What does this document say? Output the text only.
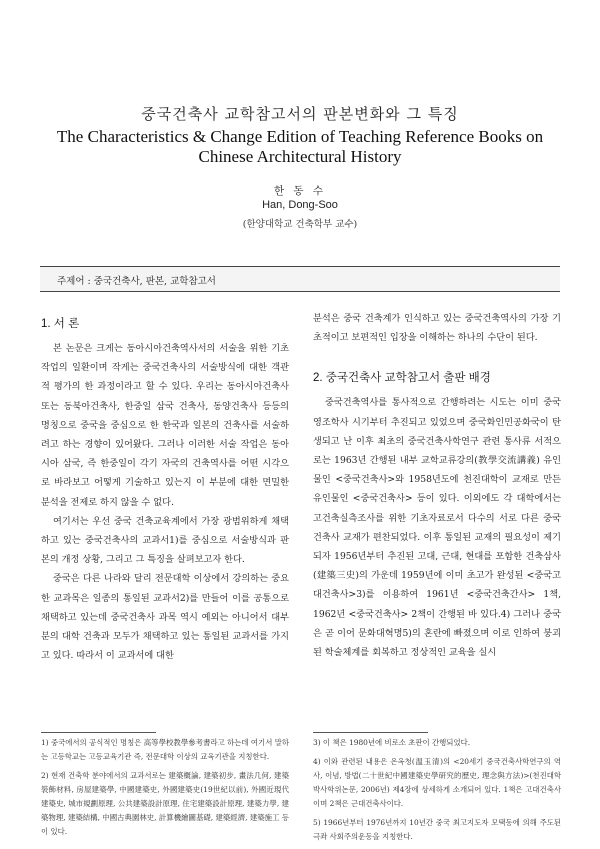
중국건축사 교학참고서의 판본변화와 그 특징
The Characteristics & Change Edition of Teaching Reference Books on Chinese Architectural History
한 동 수
Han, Dong-Soo
(한양대학교 건축학부 교수)
주제어 : 중국건축사, 판본, 교학참고서
1. 서 론

본 논문은 크게는 동아시아건축역사서의 서술을 위한 기초 작업의 일환이며 작게는 중국건축사의 서술방식에 대한 객관적 평가의 한 과정이라고 할 수 있다. 우리는 동아시아건축사 또는 동북아건축사, 한중일 삼국 건축사, 동양건축사 등등의 명칭으로 중국을 중심으로 한 한국과 일본의 건축사를 서술하려고 하는 경향이 있어왔다. 그러나 이러한 서술 작업은 동아시아 삼국, 즉 한중일이 각기 자국의 건축역사를 어떤 시각으로 바라보고 어떻게 기술하고 있는지 이 부분에 대한 면밀한 분석을 전제로 하지 않을 수 없다.

여기서는 우선 중국 건축교육계에서 가장 광범위하게 채택하고 있는 중국건축사의 교과서1)를 중심으로 서술방식과 판본의 개정 상황, 그리고 그 특징을 살펴보고자 한다.

중국은 다른 나라와 달리 전문대학 이상에서 강의하는 중요한 교과목은 일종의 통일된 교과서2)를 만들어 이를 공통으로 채택하고 있는데 중국건축사 과목 역시 예외는 아니어서 대부분의 대학 건축과 모두가 채택하고 있는 통일된 교과서를 가지고 있다. 따라서 이 교과서에 대한

분석은 중국 건축계가 인식하고 있는 중국건축역사의 가장 기초적이고 보편적인 입장을 이해하는 하나의 수단이 된다.

2. 중국건축사 교학참고서 출판 배경

중국건축역사를 통사적으로 간행하려는 시도는 이미 중국영조학사 시기부터 추진되고 있었으며 중국화인민공화국이 탄생되고 난 이후 최초의 중국건축사학연구 관련 통사류 서적으로는 1963년 간행된 내부 교학교류강의(教學交流講義) 유인물인 <중국건축사>와 1958년도에 천진대학이 교재로 만든 유인물인 <중국건축사> 등이 있다. 이외에도 각 대학에서는 고건축실측조사를 위한 기초자료로서 다수의 서로 다른 중국건축사 교재가 편찬되었다. 이후 통일된 교재의 필요성이 제기되자 1956년부터 추진된 고대, 근대, 현대를 포함한 건축삼사(建築三史)의 가운데 1959년에 이미 초고가 완성된 <중국고대건축사>3)를 이용하여 1961년 <중국건축간사> 1책, 1962년 <중국건축사> 2책이 간행된 바 있다.4) 그러나 중국은 곧 이어 문화대혁명5)의 혼란에 빠졌으며 이로 인하여 붕괴된 학술체계를 회복하고 정상적인 교육을 실시

1) 중국에서의 공식적인 명칭은 高等學校教學參考書라고 하는데 여기서 말하는 고등학교는 고등교육기관 즉, 전문대학 이상의 교육기관을 지칭한다.

2) 현재 건축학 분야에서의 교과서로는 建築概論, 建築初步, 畫法几何, 建築裝飾材料, 房屋建築學, 中國建築史, 外國建築史(19世紀以前), 外國近現代建築史, 城市規劃原理, 公共建築設計原理, 住宅建築設計原理, 建築力學, 建築物理, 建築結構, 中國古典園林史, 計算機繪圖基礎, 建築經濟, 建築施工 등이 있다.

3) 이 책은 1980년에 비로소 초판이 간행되었다.

4) 이와 관련된 내용은 온옥청(温玉清)의 <20세기 중국건축사학연구의 역사, 이념, 방법(二十世紀中國建築史學研究的歷史, 理念與方法)>(천진대학 박사학위논문, 2006년) 제4장에 상세하게 소개되어 있다. 1책은 고대건축사이며 2책은 근대건축사이다.

5) 1966년부터 1976년까지 10년간 중국 최고지도자 모택동에 의해 주도된 극좌 사회주의운동을 지칭한다.
